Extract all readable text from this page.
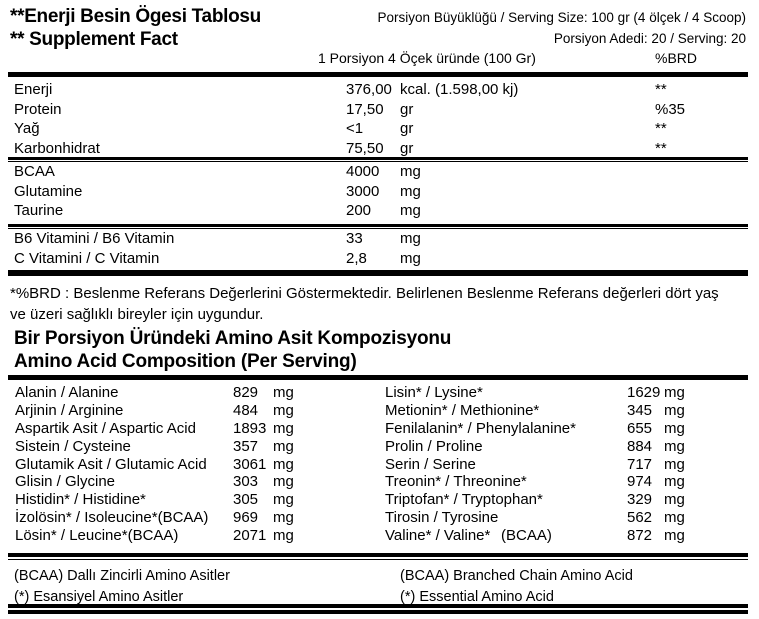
**Enerji Besin Ögesi Tablosu
** Supplement Fact
Porsiyon Büyüklüğü / Serving Size: 100 gr (4 ölçek / 4 Scoop)
Porsiyon Adedi: 20 / Serving: 20
1 Porsiyon 4 Öçek üründe (100 Gr)	%BRD
Enerji	376,00 kcal. (1.598,00 kj)	**
Protein	17,50 gr	%35
Yağ	<1 gr	**
Karbonhidrat	75,50 gr	**
BCAA	4000 mg
Glutamine	3000 mg
Taurine	200 mg
B6 Vitamini / B6 Vitamin	33 mg
C Vitamini / C Vitamin	2,8 mg
*%BRD : Beslenme Referans Değerlerini Göstermektedir. Belirlenen Beslenme Referans değerleri dört yaş ve üzeri sağlıklı bireyler için uygundur.
Bir Porsiyon Üründeki Amino Asit Kompozisyonu
Amino Acid Composition (Per Serving)
Alanin / Alanine	829 mg
Arjinin / Arginine	484 mg
Aspartik Asit / Aspartic Acid 1893 mg
Sistein / Cysteine	357 mg
Glutamik Asit / Glutamic Acid 3061 mg
Glisin / Glycine	303 mg
Histidin* / Histidine*	305 mg
İzolösin* / Isoleucine*(BCAA) 969 mg
Lösin* / Leucine*(BCAA)	2071 mg
Lisin* / Lysine*	1629 mg
Metionin* / Methionine*	345 mg
Fenilalanin* / Phenylalanine*	655 mg
Prolin / Proline	884 mg
Serin / Serine	717 mg
Treonin* / Threonine*	974 mg
Triptofan* / Tryptophan*	329 mg
Tirosin / Tyrosine	562 mg
Valine* / Valine* (BCAA)	872 mg
(BCAA) Dallı Zincirli Amino Asitler
(*) Esansiyel Amino Asitler
(BCAA) Branched Chain Amino Acid
(*) Essential Amino Acid
